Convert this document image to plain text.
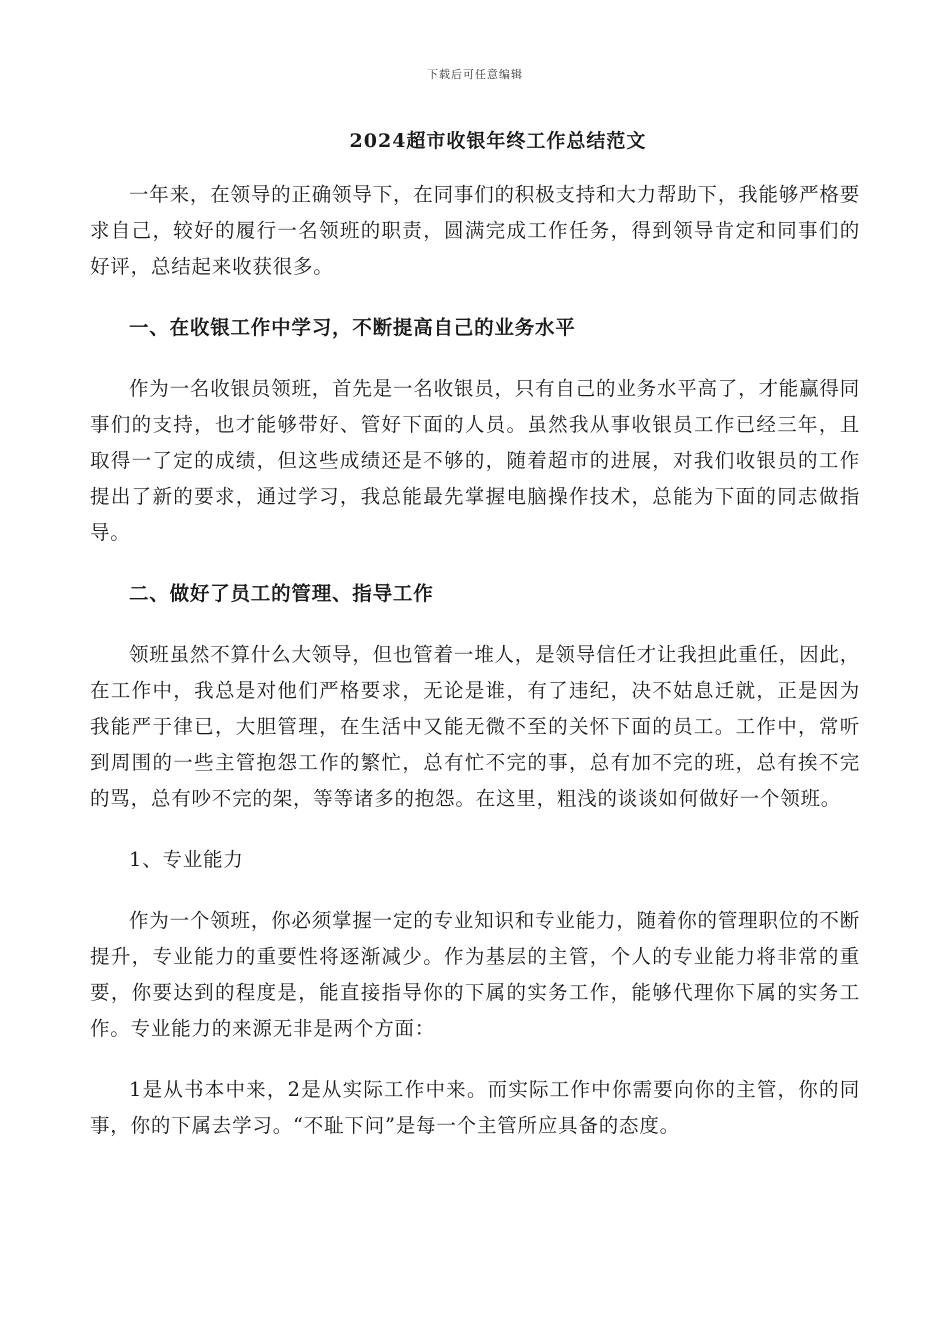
下载后可任意编辑
2024超市收银年终工作总结范文

一年来，在领导的正确领导下，在同事们的积极支持和大力帮助下，我能够严格要求自己，较好的履行一名领班的职责，圆满完成工作任务，得到领导肯定和同事们的好评，总结起来收获很多。

一、在收银工作中学习，不断提高自己的业务水平

作为一名收银员领班，首先是一名收银员，只有自己的业务水平高了，才能赢得同事们的支持，也才能够带好、管好下面的人员。虽然我从事收银员工作已经三年，且取得一了定的成绩，但这些成绩还是不够的，随着超市的进展，对我们收银员的工作提出了新的要求，通过学习，我总能最先掌握电脑操作技术，总能为下面的同志做指导。

二、做好了员工的管理、指导工作

领班虽然不算什么大领导，但也管着一堆人，是领导信任才让我担此重任，因此，在工作中，我总是对他们严格要求，无论是谁，有了违纪，决不姑息迁就，正是因为我能严于律已，大胆管理，在生活中又能无微不至的关怀下面的员工。工作中，常听到周围的一些主管抱怨工作的繁忙，总有忙不完的事，总有加不完的班，总有挨不完的骂，总有吵不完的架，等等诸多的抱怨。在这里，粗浅的谈谈如何做好一个领班。

1、专业能力

作为一个领班，你必须掌握一定的专业知识和专业能力，随着你的管理职位的不断提升，专业能力的重要性将逐渐减少。作为基层的主管，个人的专业能力将非常的重要，你要达到的程度是，能直接指导你的下属的实务工作，能够代理你下属的实务工作。专业能力的来源无非是两个方面：

1是从书本中来，2是从实际工作中来。而实际工作中你需要向你的主管，你的同事，你的下属去学习。“不耻下问”是每一个主管所应具备的态度。
